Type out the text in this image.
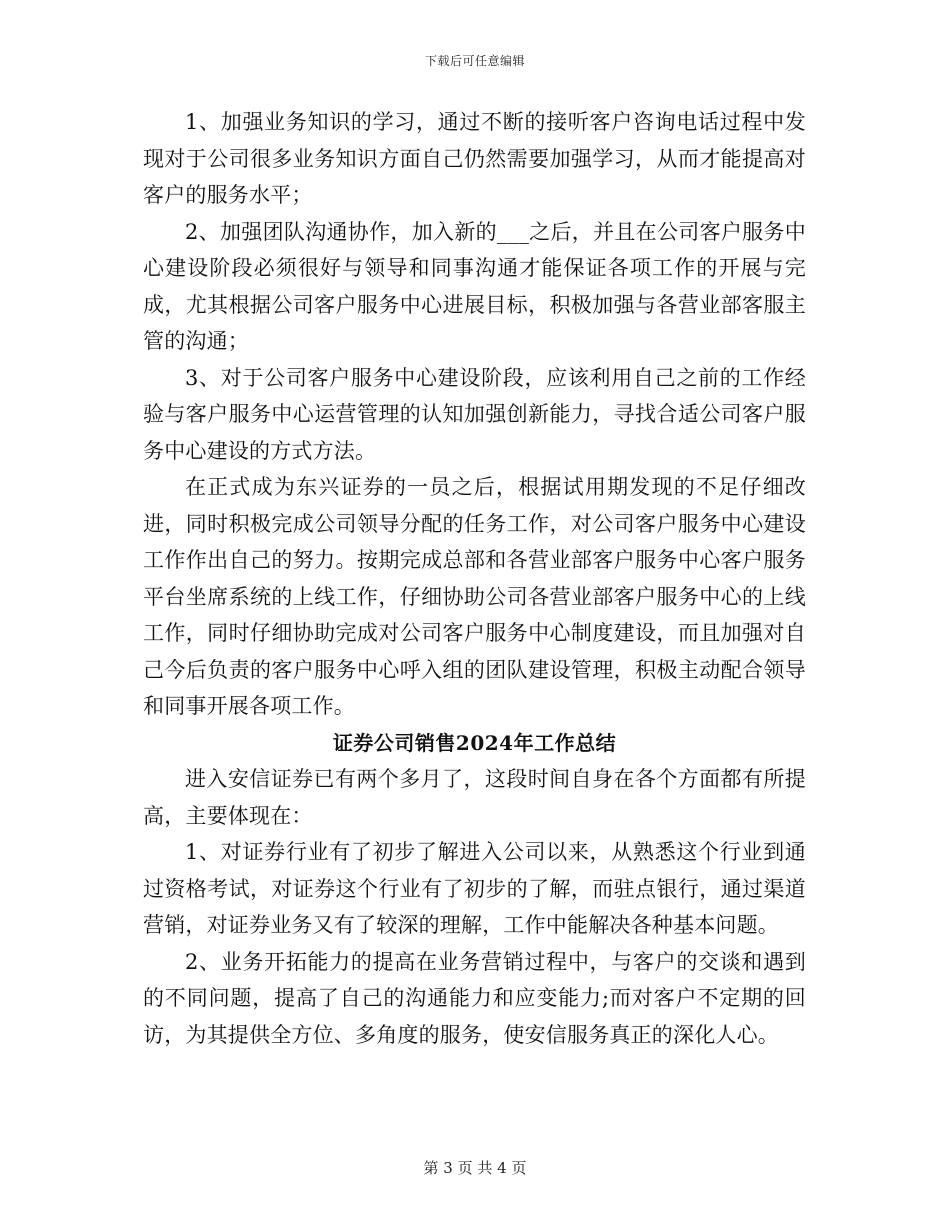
下载后可任意编辑

1、加强业务知识的学习，通过不断的接听客户咨询电话过程中发现对于公司很多业务知识方面自己仍然需要加强学习，从而才能提高对客户的服务水平；

2、加强团队沟通协作，加入新的___之后，并且在公司客户服务中心建设阶段必须很好与领导和同事沟通才能保证各项工作的开展与完成，尤其根据公司客户服务中心进展目标，积极加强与各营业部客服主管的沟通；

3、对于公司客户服务中心建设阶段，应该利用自己之前的工作经验与客户服务中心运营管理的认知加强创新能力，寻找合适公司客户服务中心建设的方式方法。

在正式成为东兴证券的一员之后，根据试用期发现的不足仔细改进，同时积极完成公司领导分配的任务工作，对公司客户服务中心建设工作作出自己的努力。按期完成总部和各营业部客户服务中心客户服务平台坐席系统的上线工作，仔细协助公司各营业部客户服务中心的上线工作，同时仔细协助完成对公司客户服务中心制度建设，而且加强对自己今后负责的客户服务中心呼入组的团队建设管理，积极主动配合领导和同事开展各项工作。

证券公司销售2024年工作总结

进入安信证券已有两个多月了，这段时间自身在各个方面都有所提高，主要体现在：

1、对证券行业有了初步了解进入公司以来，从熟悉这个行业到通过资格考试，对证券这个行业有了初步的了解，而驻点银行，通过渠道营销，对证券业务又有了较深的理解，工作中能解决各种基本问题。

2、业务开拓能力的提高在业务营销过程中，与客户的交谈和遇到的不同问题，提高了自己的沟通能力和应变能力;而对客户不定期的回访，为其提供全方位、多角度的服务，使安信服务真正的深化人心。

第 3 页 共 4 页
